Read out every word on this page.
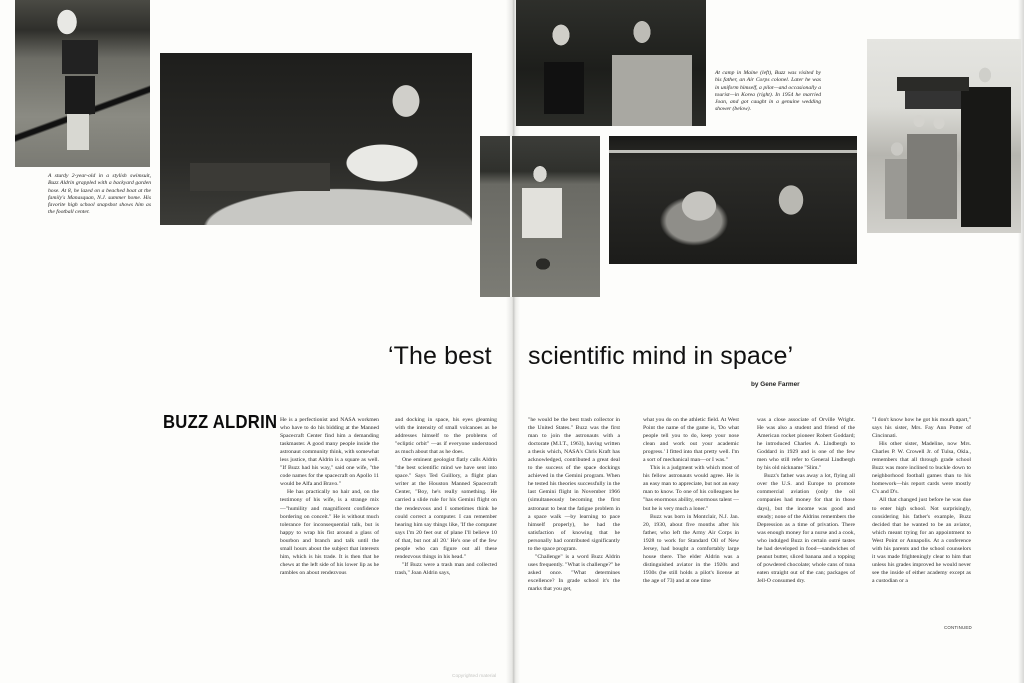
A sturdy 2-year-old in a stylish swimsuit, Buzz Aldrin grappled with a backyard garden hose. At 8, he lazed on a beached boat at the family's Manasquan, N.J. summer home. His favorite high school snapshot shows him as the football center.
At camp in Maine (left), Buzz was visited by his father, an Air Corps colonel. Later he was in uniform himself, a pilot—and occasionally a tourist—in Korea (right). In 1954 he married Joan, and got caught in a genuine wedding shower (below).
‘The best scientific mind in space’
by Gene Farmer
BUZZ ALDRIN He is a perfectionist and NASA workmen who have to do his bidding at the Manned Spacecraft Center find him a demanding taskmaster. A good many people inside the astronaut community think, with somewhat less justice, that Aldrin is a square as well. "If Buzz had his way," said one wife, "the code names for the spacecraft on Apollo 11 would be Alfa and Bravo."

He has practically no hair and, on the testimony of his wife, is a strange mix—"humility and magnificent confidence bordering on conceit." He is without much tolerance for inconsequential talk, but is happy to wrap his fist around a glass of bourbon and branch and talk until the small hours about the subject that interests him, which is his trade. It is then that he chews at the left side of his lower lip as he rambles on about rendezvous

and docking in space, his eyes gleaming with the intensity of small volcanoes as he addresses himself to the problems of "ecliptic orbit" —as if everyone understood as much about that as he does.

One eminent geologist flatly calls Aldrin "the best scientific mind we have sent into space." Says Ted Guillory, a flight plan writer at the Houston Manned Spacecraft Center, "Boy, he's really something. He carried a slide rule for his Gemini flight on the rendezvous and I sometimes think he could correct a computer. I can remember hearing him say things like, 'If the computer says I'm 20 feet out of plane I'll believe 10 of that, but not all 20.' He's one of the few people who can figure out all these rendezvous things in his head."

"If Buzz were a trash man and collected trash," Joan Aldrin says,

"he would be the best trash collector in the United States." Buzz was the first man to join the astronauts with a doctorate (M.I.T., 1963), having written a thesis which, NASA's Chris Kraft has acknowledged, contributed a great deal to the success of the space dockings achieved in the Gemini program. When he tested his theories successfully in the last Gemini flight in November 1966 (simultaneously becoming the first astronaut to beat the fatigue problem in a space walk —by learning to pace himself properly), he had the satisfaction of knowing that he personally had contributed significantly to the space program.

"Challenge" is a word Buzz Aldrin uses frequently. "What is challenge?" he asked once. "What determines excellence? In grade school it's the marks that you get,

what you do on the athletic field. At West Point the name of the game is, 'Do what people tell you to do, keep your nose clean and work out your academic progress.' I fitted into that pretty well. I'm a sort of mechanical man—or I was."

This is a judgment with which most of his fellow astronauts would agree. He is an easy man to appreciate, but not an easy man to know. To one of his colleagues he "has enormous ability, enormous talent —but he is very much a loner."

Buzz was born in Montclair, N.J. Jan. 20, 1930, about five months after his father, who left the Army Air Corps in 1928 to work for Standard Oil of New Jersey, had bought a comfortably large house there. The elder Aldrin was a distinguished aviator in the 1920s and 1930s (he still holds a pilot's license at the age of 73) and at one time

was a close associate of Orville Wright. He was also a student and friend of the American rocket pioneer Robert Goddard; he introduced Charles A. Lindbergh to Goddard in 1929 and is one of the few men who still refer to General Lindbergh by his old nickname "Slim."

Buzz's father was away a lot, flying all over the U.S. and Europe to promote commercial aviation (only the oil companies had money for that in those days), but the income was good and steady; none of the Aldrins remembers the Depression as a time of privation. There was enough money for a nurse and a cook, who indulged Buzz in certain outré tastes he had developed in food—sandwiches of peanut butter, sliced banana and a topping of powdered chocolate; whole cans of tuna eaten straight out of the can; packages of Jell-O consumed dry.

"I don't know how he got his mouth apart," says his sister, Mrs. Fay Ann Potter of Cincinnati.

His other sister, Madeline, now Mrs. Charles P. W. Crowell Jr. of Tulsa, Okla., remembers that all through grade school Buzz was more inclined to buckle down to neighborhood football games than to his homework—his report cards were mostly C's and D's.

All that changed just before he was due to enter high school. Not surprisingly, considering his father's example, Buzz decided that he wanted to be an aviator, which meant trying for an appointment to West Point or Annapolis. At a conference with his parents and the school counselors it was made frighteningly clear to him that unless his grades improved he would never see the inside of either academy except as a custodian or a

CONTINUED
Copyrighted material
